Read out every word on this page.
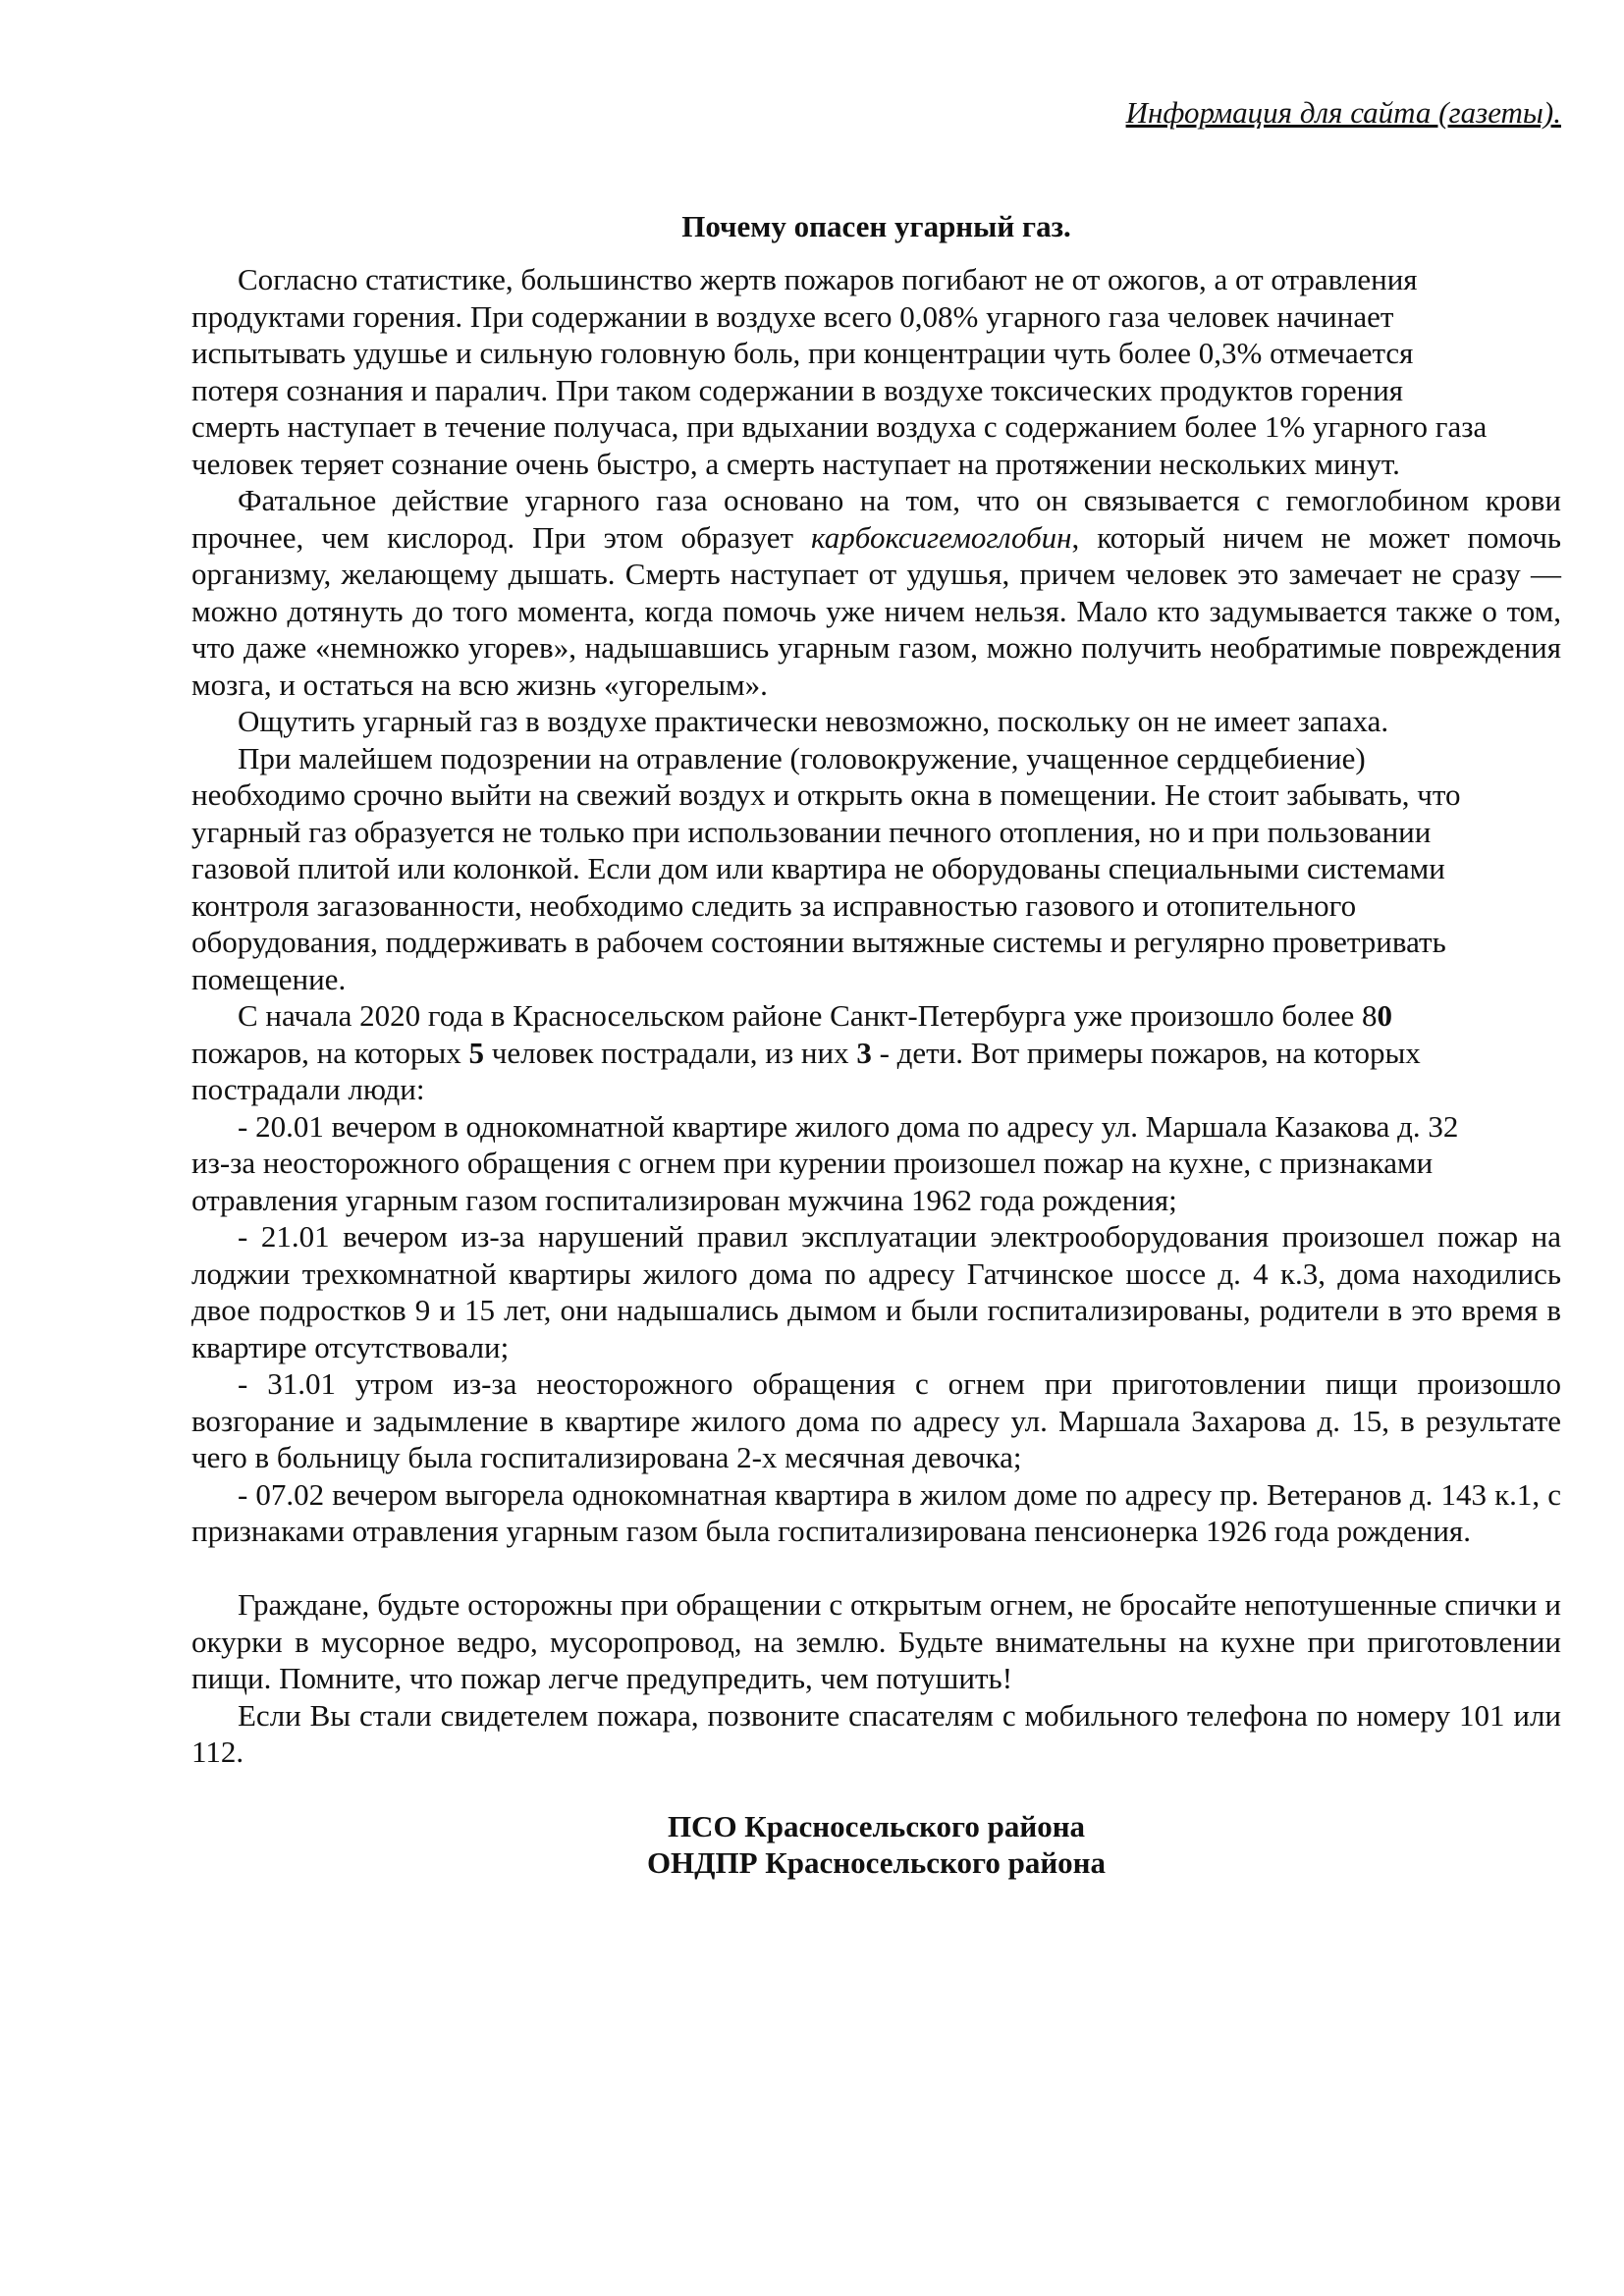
Информация для сайта (газеты).

Почему опасен угарный газ.

Согласно статистике, большинство жертв пожаров погибают не от ожогов, а от отравления
продуктами горения. При содержании в воздухе всего 0,08% угарного газа человек начинает
испытывать удушье и сильную головную боль, при концентрации чуть более 0,3% отмечается
потеря сознания и паралич. При таком содержании в воздухе токсических продуктов горения
смерть наступает в течение получаса, при вдыхании воздуха с содержанием более 1% угарного газа
человек теряет сознание очень быстро, а смерть наступает на протяжении нескольких минут.

Фатальное действие угарного газа основано на том, что он связывается с гемоглобином крови прочнее, чем кислород. При этом образует карбоксигемоглобин, который ничем не может помочь организму, желающему дышать. Смерть наступает от удушья, причем человек это замечает не сразу — можно дотянуть до того момента, когда помочь уже ничем нельзя. Мало кто задумывается также о том, что даже «немножко угорев», надышавшись угарным газом, можно получить необратимые повреждения мозга, и остаться на всю жизнь «угорелым».

Ощутить угарный газ в воздухе практически невозможно, поскольку он не имеет запаха.

При малейшем подозрении на отравление (головокружение, учащенное сердцебиение)
необходимо срочно выйти на свежий воздух и открыть окна в помещении. Не стоит забывать, что
угарный газ образуется не только при использовании печного отопления, но и при пользовании
газовой плитой или колонкой. Если дом или квартира не оборудованы специальными системами
контроля загазованности, необходимо следить за исправностью газового и отопительного
оборудования, поддерживать в рабочем состоянии вытяжные системы и регулярно проветривать
помещение.
С начала 2020 года в Красносельском районе Санкт-Петербурга уже произошло более 80
пожаров, на которых 5 человек пострадали, из них 3 - дети. Вот примеры пожаров, на которых
пострадали люди:
- 20.01 вечером в однокомнатной квартире жилого дома по адресу ул. Маршала Казакова д. 32
из-за неосторожного обращения с огнем при курении произошел пожар на кухне, с признаками
отравления угарным газом госпитализирован мужчина 1962 года рождения;

- 21.01 вечером из-за нарушений правил эксплуатации электрооборудования произошел пожар на лоджии трехкомнатной квартиры жилого дома по адресу Гатчинское шоссе д. 4 к.3, дома находились двое подростков 9 и 15 лет, они надышались дымом и были госпитализированы, родители в это время в квартире отсутствовали;

- 31.01 утром из-за неосторожного обращения с огнем при приготовлении пищи произошло возгорание и задымление в квартире жилого дома по адресу ул. Маршала Захарова д. 15, в результате чего в больницу была госпитализирована 2-х месячная девочка;

- 07.02 вечером выгорела однокомнатная квартира в жилом доме по адресу пр. Ветеранов д. 143 к.1, с признаками отравления угарным газом была госпитализирована пенсионерка 1926 года рождения.

Граждане, будьте осторожны при обращении с открытым огнем, не бросайте непотушенные спички и окурки в мусорное ведро, мусоропровод, на землю. Будьте внимательны на кухне при приготовлении пищи. Помните, что пожар легче предупредить, чем потушить!

Если Вы стали свидетелем пожара, позвоните спасателям с мобильного телефона по номеру 101 или 112.

ПСО Красносельского района
ОНДПР Красносельского района
